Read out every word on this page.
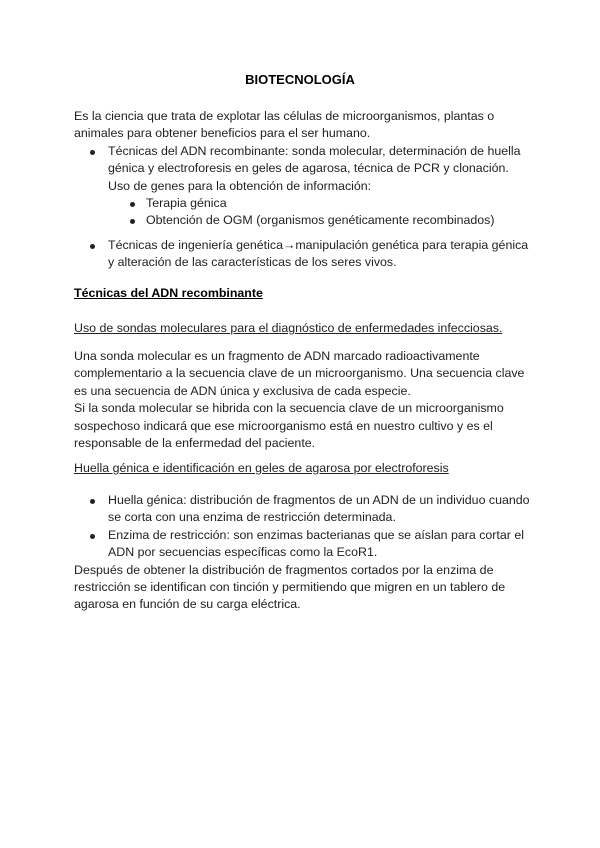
BIOTECNOLOGÍA

Es la ciencia que trata de explotar las células de microorganismos, plantas o
animales para obtener beneficios para el ser humano.

Técnicas del ADN recombinante: sonda molecular, determinación de huella
génica y electroforesis en geles de agarosa, técnica de PCR y clonación.
Uso de genes para la obtención de información:
Terapia génica
Obtención de OGM (organismos genéticamente recombinados)
Técnicas de ingeniería genética→manipulación genética para terapia génica
y alteración de las características de los seres vivos.
Técnicas del ADN recombinante
Uso de sondas moleculares para el diagnóstico de enfermedades infecciosas.
Una sonda molecular es un fragmento de ADN marcado radioactivamente
complementario a la secuencia clave de un microorganismo. Una secuencia clave
es una secuencia de ADN única y exclusiva de cada especie.
Si la sonda molecular se hibrida con la secuencia clave de un microorganismo
sospechoso indicará que ese microorganismo está en nuestro cultivo y es el
responsable de la enfermedad del paciente.
Huella génica e identificación en geles de agarosa por electroforesis
Huella génica: distribución de fragmentos de un ADN de un individuo cuando
se corta con una enzima de restricción determinada.
Enzima de restricción: son enzimas bacterianas que se aíslan para cortar el
ADN por secuencias específicas como la EcoR1.

Después de obtener la distribución de fragmentos cortados por la enzima de
restricción se identifican con tinción y permitiendo que migren en un tablero de
agarosa en función de su carga eléctrica.
